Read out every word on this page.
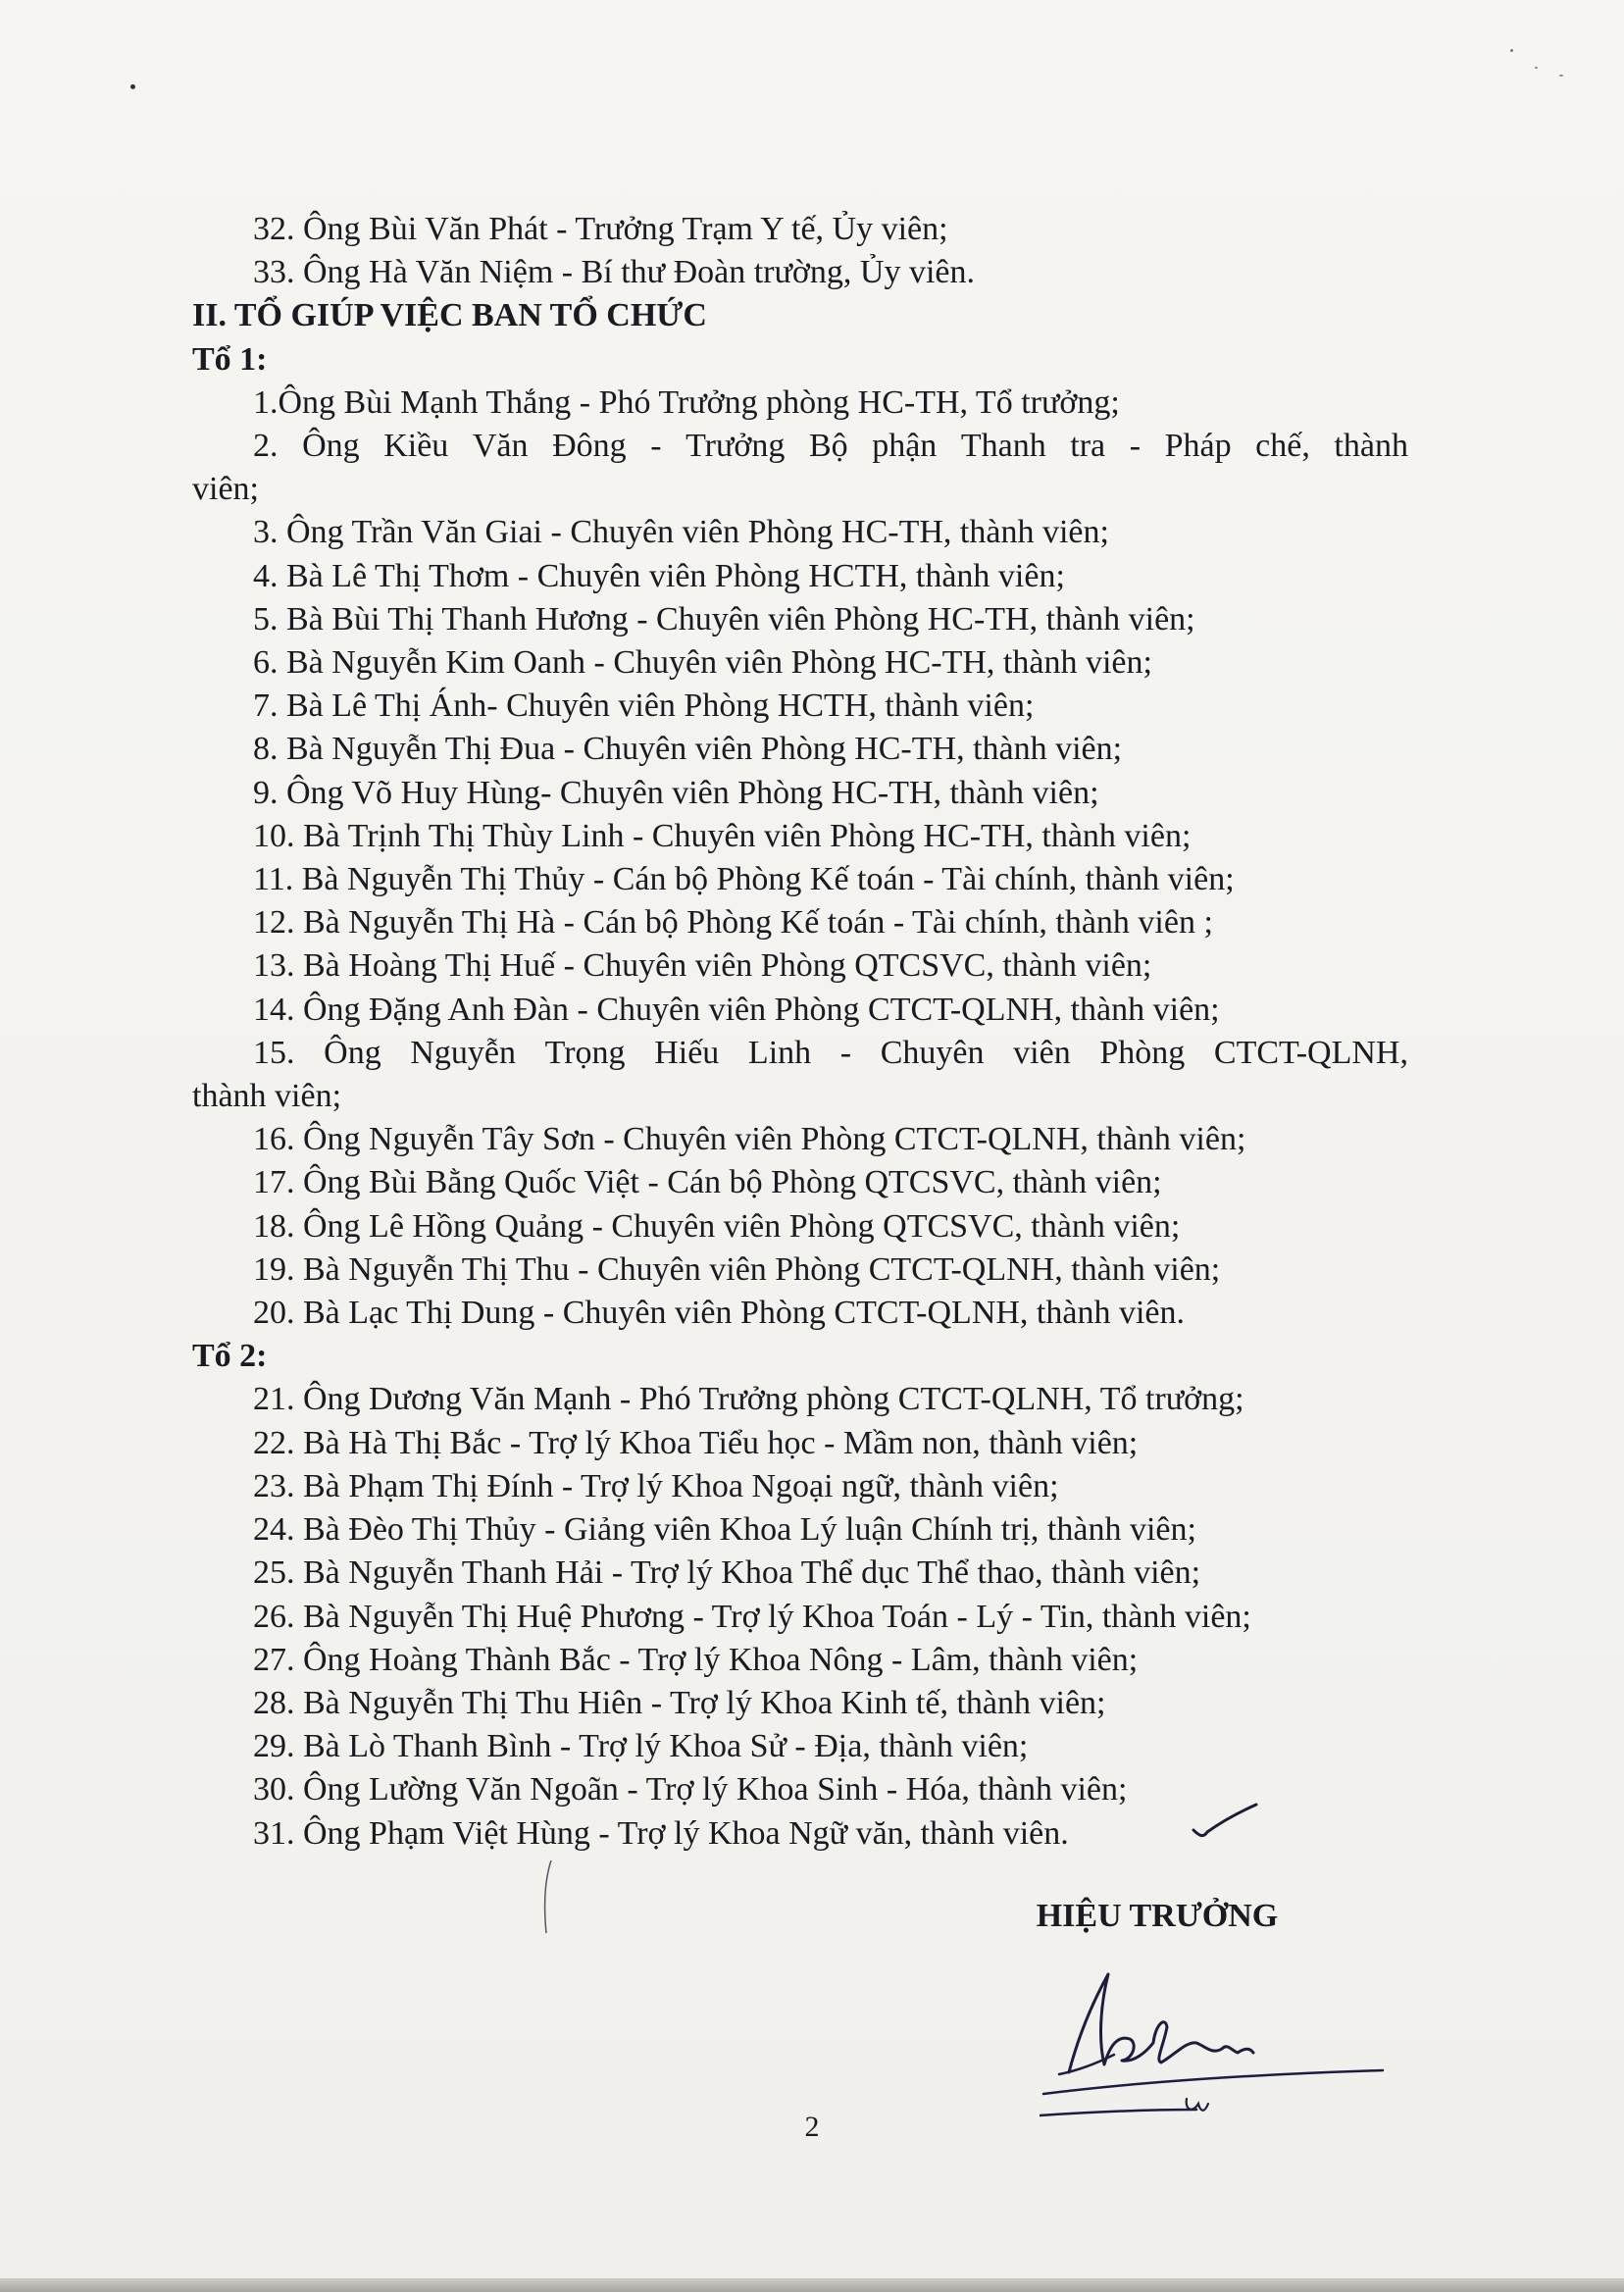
32. Ông Bùi Văn Phát - Trưởng Trạm Y tế, Ủy viên;
33. Ông Hà Văn Niệm - Bí thư Đoàn trường, Ủy viên.
II. TỔ GIÚP VIỆC BAN TỔ CHỨC
Tổ 1:
1.Ông Bùi Mạnh Thắng - Phó Trưởng phòng HC-TH, Tổ trưởng;
2. Ông Kiều Văn Đông - Trưởng Bộ phận Thanh tra - Pháp chế, thành
viên;
3. Ông Trần Văn Giai - Chuyên viên Phòng HC-TH, thành viên;
4. Bà Lê Thị Thơm - Chuyên viên Phòng HCTH, thành viên;
5. Bà Bùi Thị Thanh Hương - Chuyên viên Phòng HC-TH, thành viên;
6. Bà Nguyễn Kim Oanh - Chuyên viên Phòng HC-TH, thành viên;
7. Bà Lê Thị Ánh- Chuyên viên Phòng HCTH, thành viên;
8. Bà Nguyễn Thị Đua - Chuyên viên Phòng HC-TH, thành viên;
9. Ông Võ Huy Hùng- Chuyên viên Phòng HC-TH, thành viên;
10. Bà Trịnh Thị Thùy Linh - Chuyên viên Phòng HC-TH, thành viên;
11. Bà Nguyễn Thị Thủy - Cán bộ Phòng Kế toán - Tài chính, thành viên;
12. Bà Nguyễn Thị Hà - Cán bộ Phòng Kế toán - Tài chính, thành viên ;
13. Bà Hoàng Thị Huế - Chuyên viên Phòng QTCSVC, thành viên;
14. Ông Đặng Anh Đàn - Chuyên viên Phòng CTCT-QLNH, thành viên;
15. Ông Nguyễn Trọng Hiếu Linh - Chuyên viên Phòng CTCT-QLNH,
thành viên;
16. Ông Nguyễn Tây Sơn - Chuyên viên Phòng CTCT-QLNH, thành viên;
17. Ông Bùi Bằng Quốc Việt - Cán bộ Phòng QTCSVC, thành viên;
18. Ông Lê Hồng Quảng - Chuyên viên Phòng QTCSVC, thành viên;
19. Bà Nguyễn Thị Thu - Chuyên viên Phòng CTCT-QLNH, thành viên;
20. Bà Lạc Thị Dung - Chuyên viên Phòng CTCT-QLNH, thành viên.
Tổ 2:
21. Ông Dương Văn Mạnh - Phó Trưởng phòng CTCT-QLNH, Tổ trưởng;
22. Bà Hà Thị Bắc - Trợ lý Khoa Tiểu học - Mầm non, thành viên;
23. Bà Phạm Thị Đính - Trợ lý Khoa Ngoại ngữ, thành viên;
24. Bà Đèo Thị Thủy - Giảng viên Khoa Lý luận Chính trị, thành viên;
25. Bà Nguyễn Thanh Hải - Trợ lý Khoa Thể dục Thể thao, thành viên;
26. Bà Nguyễn Thị Huệ Phương - Trợ lý Khoa Toán - Lý - Tin, thành viên;
27. Ông Hoàng Thành Bắc - Trợ lý Khoa Nông - Lâm, thành viên;
28. Bà Nguyễn Thị Thu Hiên - Trợ lý Khoa Kinh tế, thành viên;
29. Bà Lò Thanh Bình - Trợ lý Khoa Sử - Địa, thành viên;
30. Ông Lường Văn Ngoãn - Trợ lý Khoa Sinh - Hóa, thành viên;
31. Ông Phạm Việt Hùng - Trợ lý Khoa Ngữ văn, thành viên.
HIỆU TRƯỞNG
2
